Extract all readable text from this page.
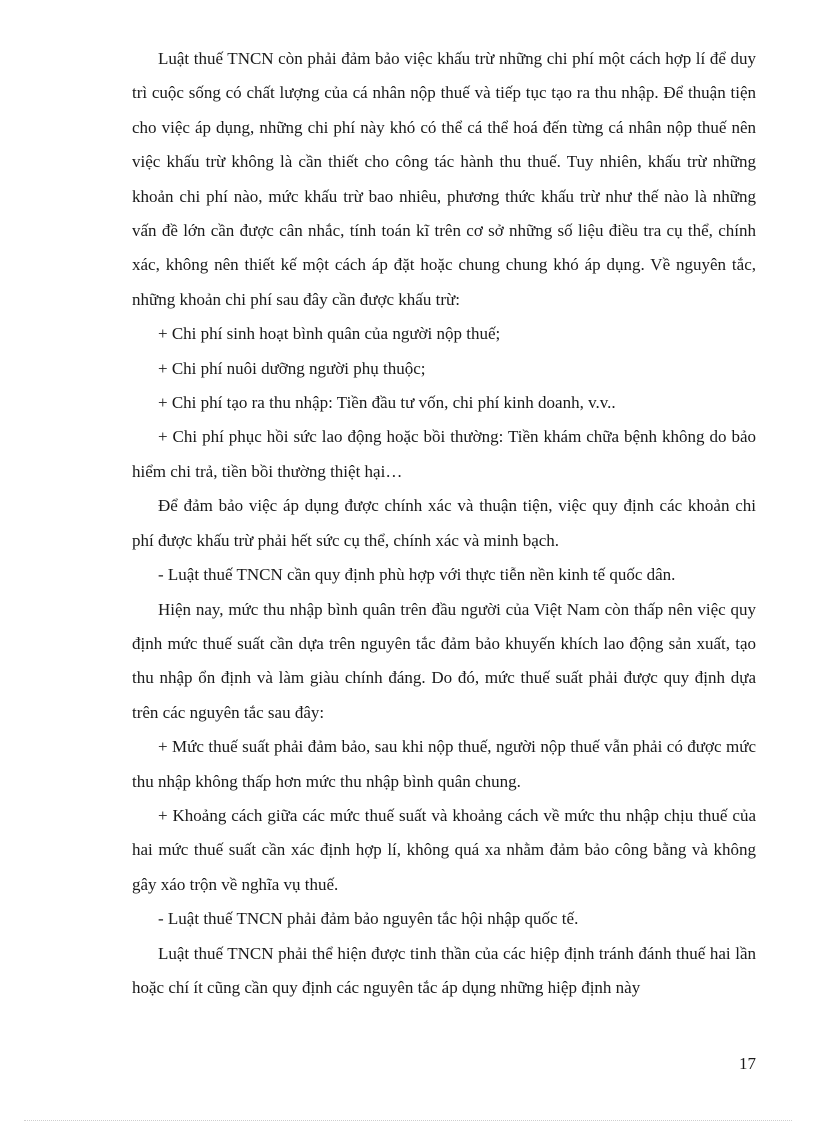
Luật thuế TNCN còn phải đảm bảo việc khấu trừ những chi phí một cách hợp lí để duy trì cuộc sống có chất lượng của cá nhân nộp thuế và tiếp tục tạo ra thu nhập. Để thuận tiện cho việc áp dụng, những chi phí này khó có thể cá thể hoá đến từng cá nhân nộp thuế nên việc khấu trừ không là cần thiết cho công tác hành thu thuế. Tuy nhiên, khấu trừ những khoản chi phí nào, mức khấu trừ bao nhiêu, phương thức khấu trừ như thế nào là những vấn đề lớn cần được cân nhắc, tính toán kĩ trên cơ sở những số liệu điều tra cụ thể, chính xác, không nên thiết kế một cách áp đặt hoặc chung chung khó áp dụng. Về nguyên tắc, những khoản chi phí sau đây cần được khấu trừ:

+ Chi phí sinh hoạt bình quân của người nộp thuế;

+ Chi phí nuôi dưỡng người phụ thuộc;

+ Chi phí tạo ra thu nhập: Tiền đầu tư vốn, chi phí kinh doanh, v.v..

+ Chi phí phục hồi sức lao động hoặc bồi thường: Tiền khám chữa bệnh không do bảo hiểm chi trả, tiền bồi thường thiệt hại…

Để đảm bảo việc áp dụng được chính xác và thuận tiện, việc quy định các khoản chi phí được khấu trừ phải hết sức cụ thể, chính xác và minh bạch.

- Luật thuế TNCN cần quy định phù hợp với thực tiễn nền kinh tế quốc dân.

Hiện nay, mức thu nhập bình quân trên đầu người của Việt Nam còn thấp nên việc quy định mức thuế suất cần dựa trên nguyên tắc đảm bảo khuyến khích lao động sản xuất, tạo thu nhập ổn định và làm giàu chính đáng. Do đó, mức thuế suất phải được quy định dựa trên các nguyên tắc sau đây:

+ Mức thuế suất phải đảm bảo, sau khi nộp thuế, người nộp thuế vẫn phải có được mức thu nhập không thấp hơn mức thu nhập bình quân chung.

+ Khoảng cách giữa các mức thuế suất và khoảng cách về mức thu nhập chịu thuế của hai mức thuế suất cần xác định hợp lí, không quá xa nhằm đảm bảo công bằng và không gây xáo trộn về nghĩa vụ thuế.

- Luật thuế TNCN phải đảm bảo nguyên tắc hội nhập quốc tế.

Luật thuế TNCN phải thể hiện được tinh thần của các hiệp định tránh đánh thuế hai lần hoặc chí ít cũng cần quy định các nguyên tắc áp dụng những hiệp định này

17
